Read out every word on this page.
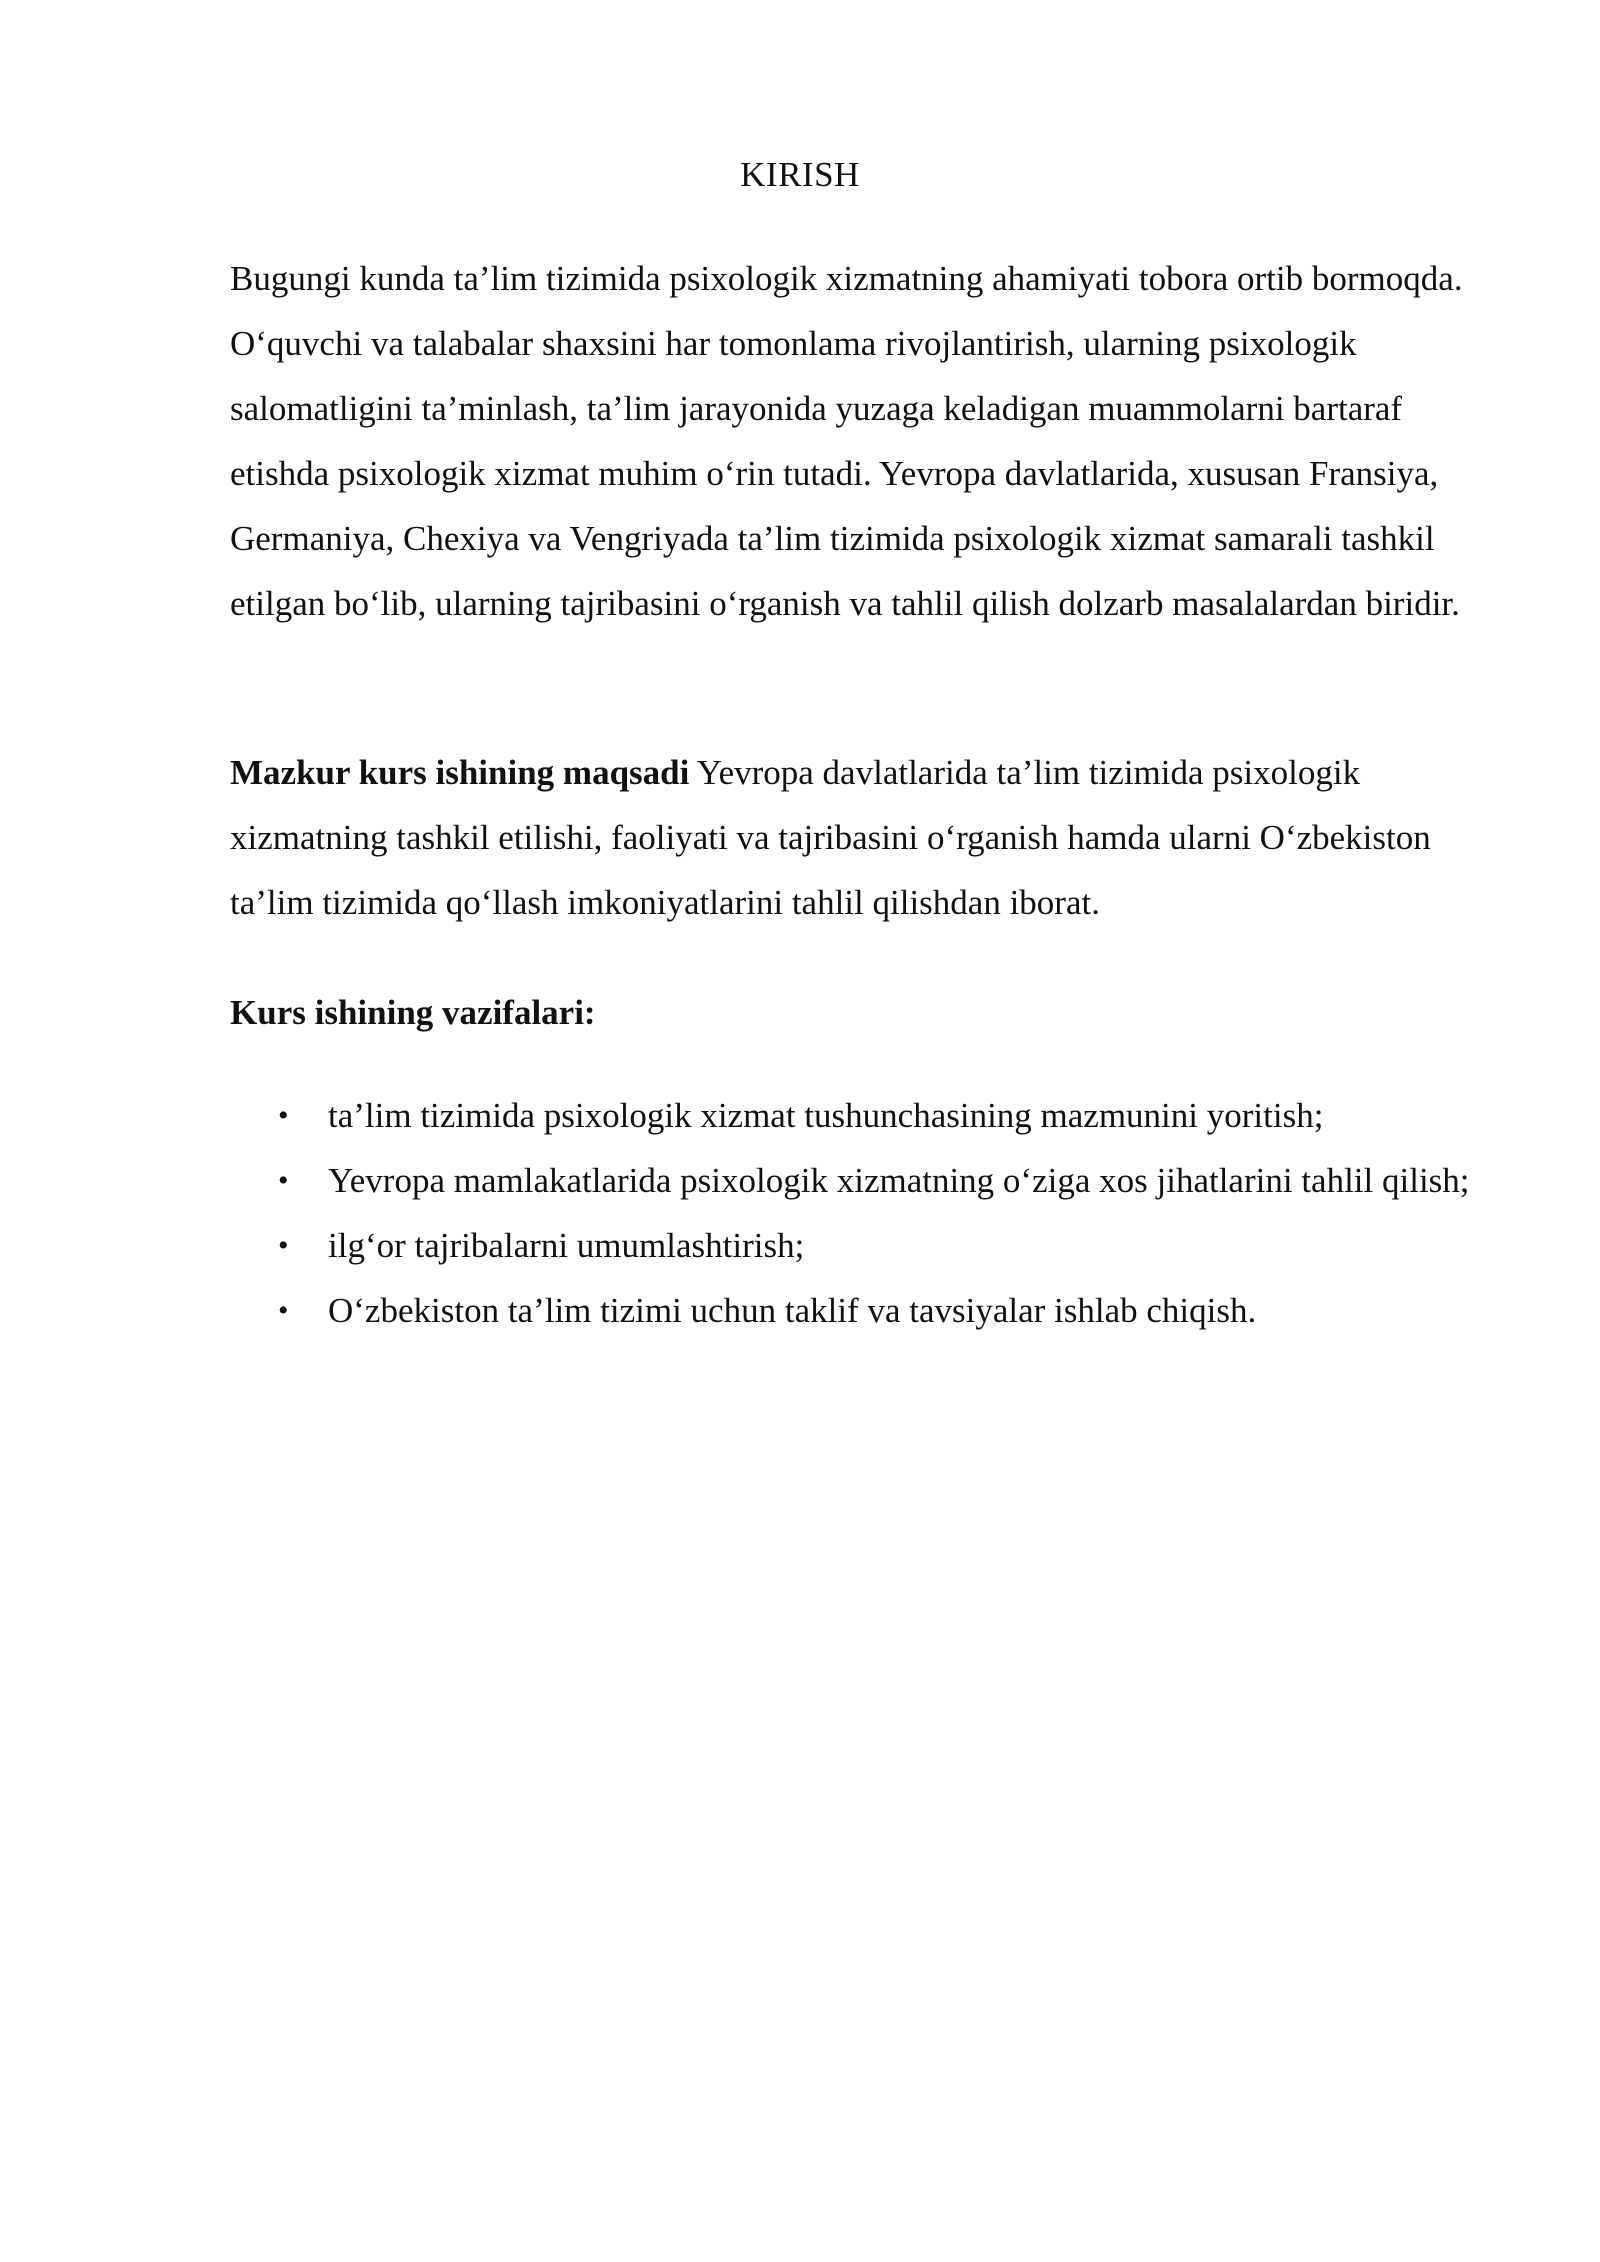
KIRISH

Bugungi kunda ta’lim tizimida psixologik xizmatning ahamiyati tobora ortib bormoqda. O‘quvchi va talabalar shaxsini har tomonlama rivojlantirish, ularning psixologik salomatligini ta’minlash, ta’lim jarayonida yuzaga keladigan muammolarni bartaraf etishda psixologik xizmat muhim o‘rin tutadi. Yevropa davlatlarida, xususan Fransiya, Germaniya, Chexiya va Vengriyada ta’lim tizimida psixologik xizmat samarali tashkil etilgan bo‘lib, ularning tajribasini o‘rganish va tahlil qilish dolzarb masalalardan biridir.

Mazkur kurs ishining maqsadi Yevropa davlatlarida ta’lim tizimida psixologik xizmatning tashkil etilishi, faoliyati va tajribasini o‘rganish hamda ularni O‘zbekiston ta’lim tizimida qo‘llash imkoniyatlarini tahlil qilishdan iborat.

Kurs ishining vazifalari:

• ta’lim tizimida psixologik xizmat tushunchasining mazmunini yoritish;
• Yevropa mamlakatlarida psixologik xizmatning o‘ziga xos jihatlarini tahlil qilish;
• ilg‘or tajribalarni umumlashtirish;
• O‘zbekiston ta’lim tizimi uchun taklif va tavsiyalar ishlab chiqish.
